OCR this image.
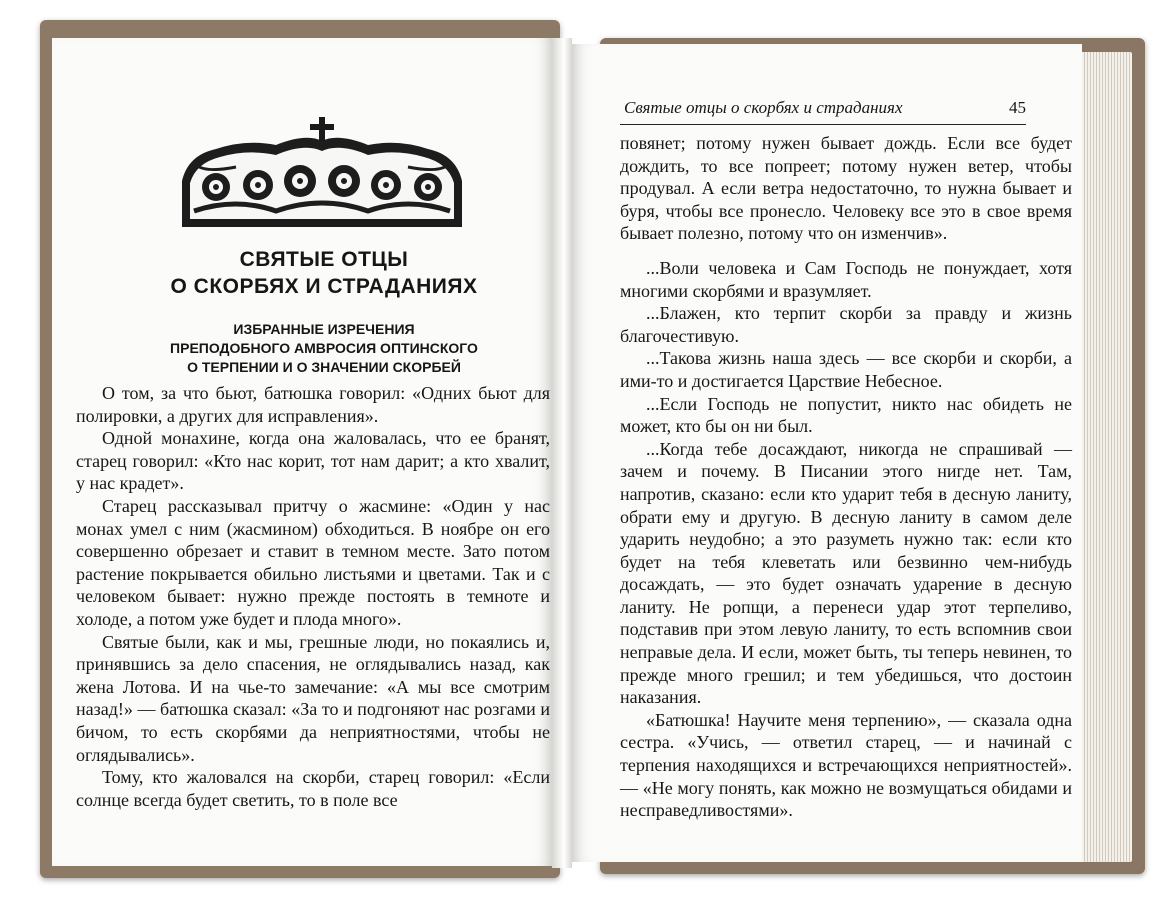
СВЯТЫЕ ОТЦЫ
О СКОРБЯХ И СТРАДАНИЯХ
ИЗБРАННЫЕ ИЗРЕЧЕНИЯ
ПРЕПОДОБНОГО АМВРОСИЯ ОПТИНСКОГО
О ТЕРПЕНИИ И О ЗНАЧЕНИИ СКОРБЕЙ

О том, за что бьют, батюшка говорил: «Одних бьют для полировки, а других для исправления».

Одной монахине, когда она жаловалась, что ее бранят, старец говорил: «Кто нас корит, тот нам дарит; а кто хвалит, у нас крадет».

Старец рассказывал притчу о жасмине: «Один у нас монах умел с ним (жасмином) обходиться. В ноябре он его совершенно обрезает и ставит в темном месте. Зато потом растение покрывается обильно листьями и цветами. Так и с человеком бывает: нужно прежде постоять в темноте и холоде, а потом уже будет и плода много».

Святые были, как и мы, грешные люди, но покаялись и, принявшись за дело спасения, не оглядывались назад, как жена Лотова. И на чье-то замечание: «А мы все смотрим назад!» — батюшка сказал: «За то и подгоняют нас розгами и бичом, то есть скорбями да неприятностями, чтобы не оглядывались».

Тому, кто жаловался на скорби, старец говорил: «Если солнце всегда будет светить, то в поле все

Святые отцы о скорбях и страданиях	45

повянет; потому нужен бывает дождь. Если все будет дождить, то все попреет; потому нужен ветер, чтобы продувал. А если ветра недостаточно, то нужна бывает и буря, чтобы все пронесло. Человеку все это в свое время бывает полезно, потому что он изменчив».

...Воли человека и Сам Господь не понуждает, хотя многими скорбями и вразумляет.

...Блажен, кто терпит скорби за правду и жизнь благочестивую.

...Такова жизнь наша здесь — все скорби и скорби, а ими-то и достигается Царствие Небесное.

...Если Господь не попустит, никто нас обидеть не может, кто бы он ни был.

...Когда тебе досаждают, никогда не спрашивай — зачем и почему. В Писании этого нигде нет. Там, напротив, сказано: если кто ударит тебя в десную ланиту, обрати ему и другую. В десную ланиту в самом деле ударить неудобно; а это разуметь нужно так: если кто будет на тебя клеветать или безвинно чем-нибудь досаждать, — это будет означать ударение в десную ланиту. Не ропщи, а перенеси удар этот терпеливо, подставив при этом левую ланиту, то есть вспомнив свои неправые дела. И если, может быть, ты теперь невинен, то прежде много грешил; и тем убедишься, что достоин наказания.

«Батюшка! Научите меня терпению», — сказала одна сестра. «Учись, — ответил старец, — и начинай с терпения находящихся и встречающихся неприятностей». — «Не могу понять, как можно не возмущаться обидами и несправедливостями».
